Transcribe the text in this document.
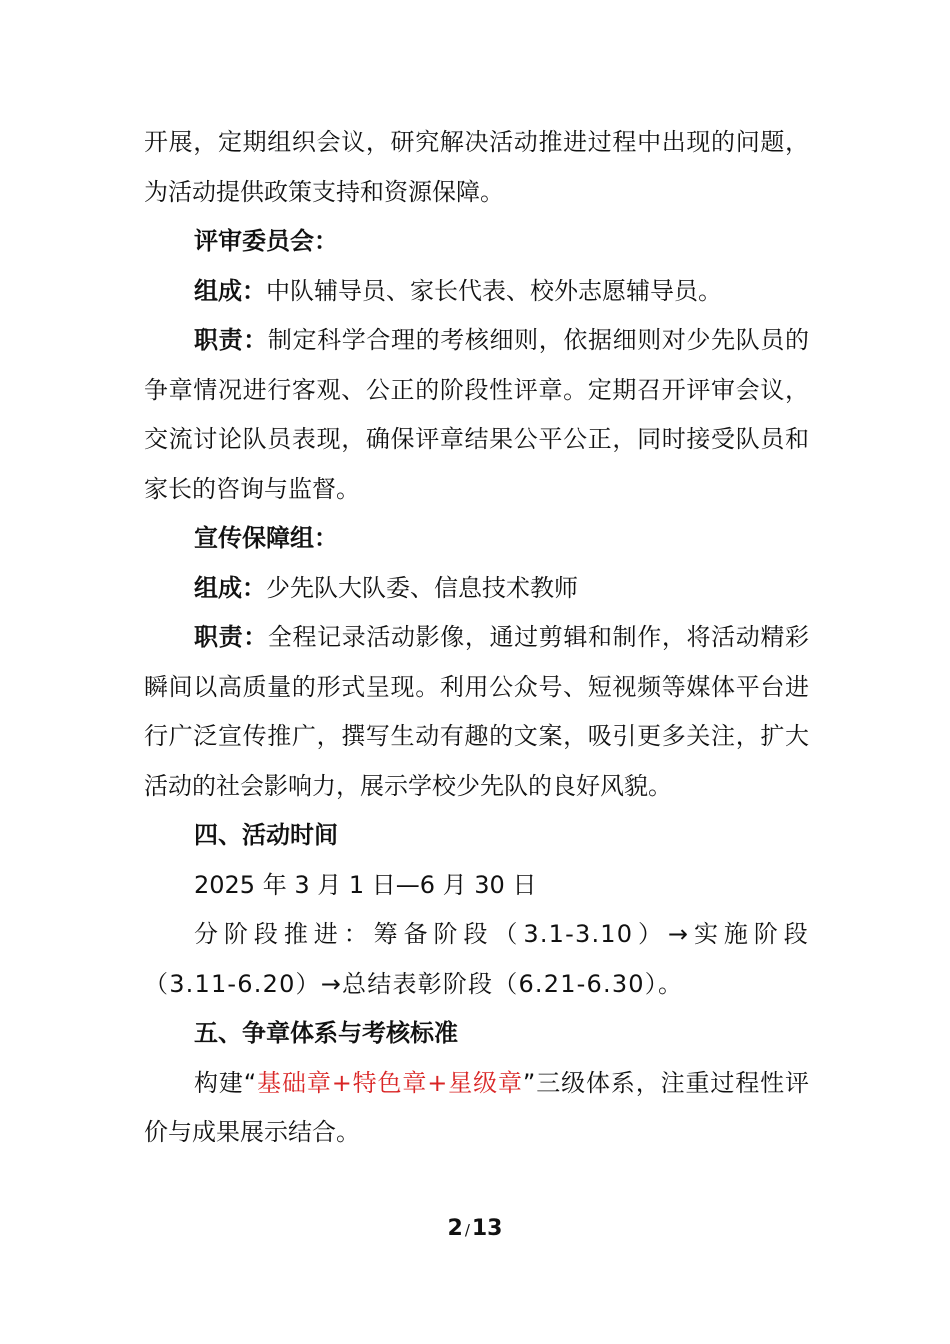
开展，定期组织会议，研究解决活动推进过程中出现的问题，为活动提供政策支持和资源保障。

评审委员会：

组成：中队辅导员、家长代表、校外志愿辅导员。

职责：制定科学合理的考核细则，依据细则对少先队员的争章情况进行客观、公正的阶段性评章。定期召开评审会议，交流讨论队员表现，确保评章结果公平公正，同时接受队员和家长的咨询与监督。

宣传保障组：

组成：少先队大队委、信息技术教师

职责：全程记录活动影像，通过剪辑和制作，将活动精彩瞬间以高质量的形式呈现。利用公众号、短视频等媒体平台进行广泛宣传推广，撰写生动有趣的文案，吸引更多关注，扩大活动的社会影响力，展示学校少先队的良好风貌。

四、活动时间

2025 年 3 月 1 日—6 月 30 日

分阶段推进：筹备阶段（3.1-3.10）→实施阶段（3.11-6.20）→总结表彰阶段（6.21-6.30）。

五、争章体系与考核标准

构建“基础章+特色章+星级章”三级体系，注重过程性评价与成果展示结合。

2 /13
